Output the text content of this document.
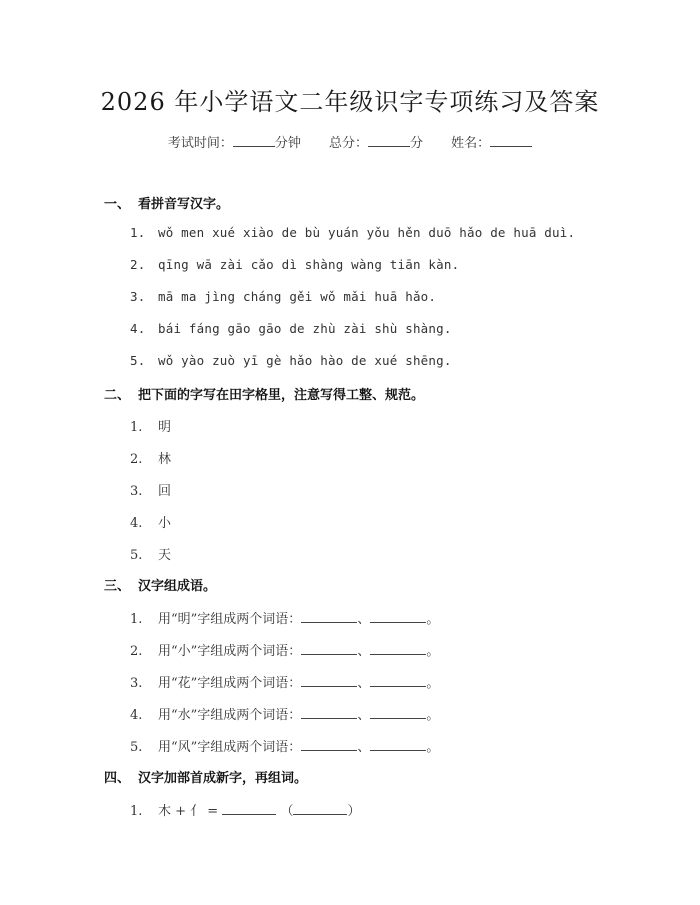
2026 年小学语文二年级识字专项练习及答案
考试时间：	分钟 总分：	分 姓名：
一、 看拼音写汉字。
1. wǒ men xué xiào de bù yuán yǒu hěn duō hǎo de huā duì.
2. qīng wā zài cǎo dì shàng wàng tiān kàn.
3. mā ma jìng cháng gěi wǒ mǎi huā hǎo.
4. bái fáng gāo gāo de zhù zài shù shàng.
5. wǒ yào zuò yī gè hǎo hào de xué shēng.
二、 把下面的字写在田字格里，注意写得工整、规范。
1. 明
2. 林
3. 回
4. 小
5. 天
三、 汉字组成语。
1. 用“明”字组成两个词语：	、	。
2. 用“小”字组成两个词语：	、	。
3. 用“花”字组成两个词语：	、	。
4. 用“水”字组成两个词语：	、	。
5. 用“风”字组成两个词语：	、	。
四、 汉字加部首成新字，再组词。
1. 木 + 亻 =	（	）
